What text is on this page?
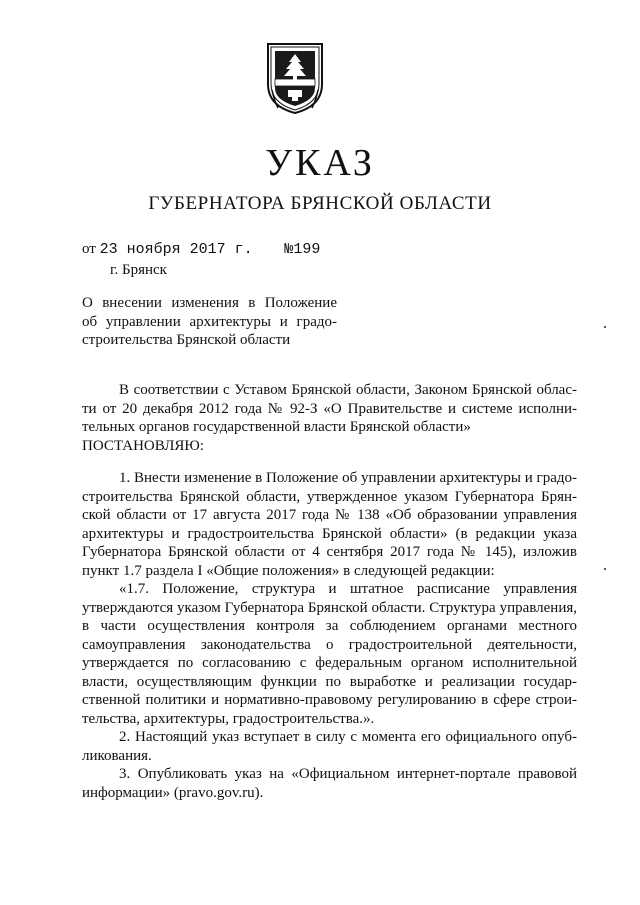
УКАЗ
ГУБЕРНАТОРА БРЯНСКОЙ ОБЛАСТИ
от 23 ноября 2017 г. №199
г. Брянск
О внесении изменения в Положение
об управлении архитектуры и градо-
строительства Брянской области
В соответствии с Уставом Брянской области, Законом Брянской облас-
ти от 20 декабря 2012 года № 92-З «О Правительстве и системе исполни-
тельных органов государственной власти Брянской области»
ПОСТАНОВЛЯЮ:
1. Внести изменение в Положение об управлении архитектуры и градо-
строительства Брянской области, утвержденное указом Губернатора Брян-
ской области от 17 августа 2017 года № 138 «Об образовании управления
архитектуры и градостроительства Брянской области» (в редакции указа
Губернатора Брянской области от 4 сентября 2017 года № 145), изложив
пункт 1.7 раздела I «Общие положения» в следующей редакции:
«1.7. Положение, структура и штатное расписание управления
утверждаются указом Губернатора Брянской области. Структура управления,
в части осуществления контроля за соблюдением органами местного
самоуправления законодательства о градостроительной деятельности,
утверждается по согласованию с федеральным органом исполнительной
власти, осуществляющим функции по выработке и реализации государ-
ственной политики и нормативно-правовому регулированию в сфере строи-
тельства, архитектуры, градостроительства.».
2. Настоящий указ вступает в силу с момента его официального опуб-
ликования.
3. Опубликовать указ на «Официальном интернет-портале правовой
информации» (pravo.gov.ru).
